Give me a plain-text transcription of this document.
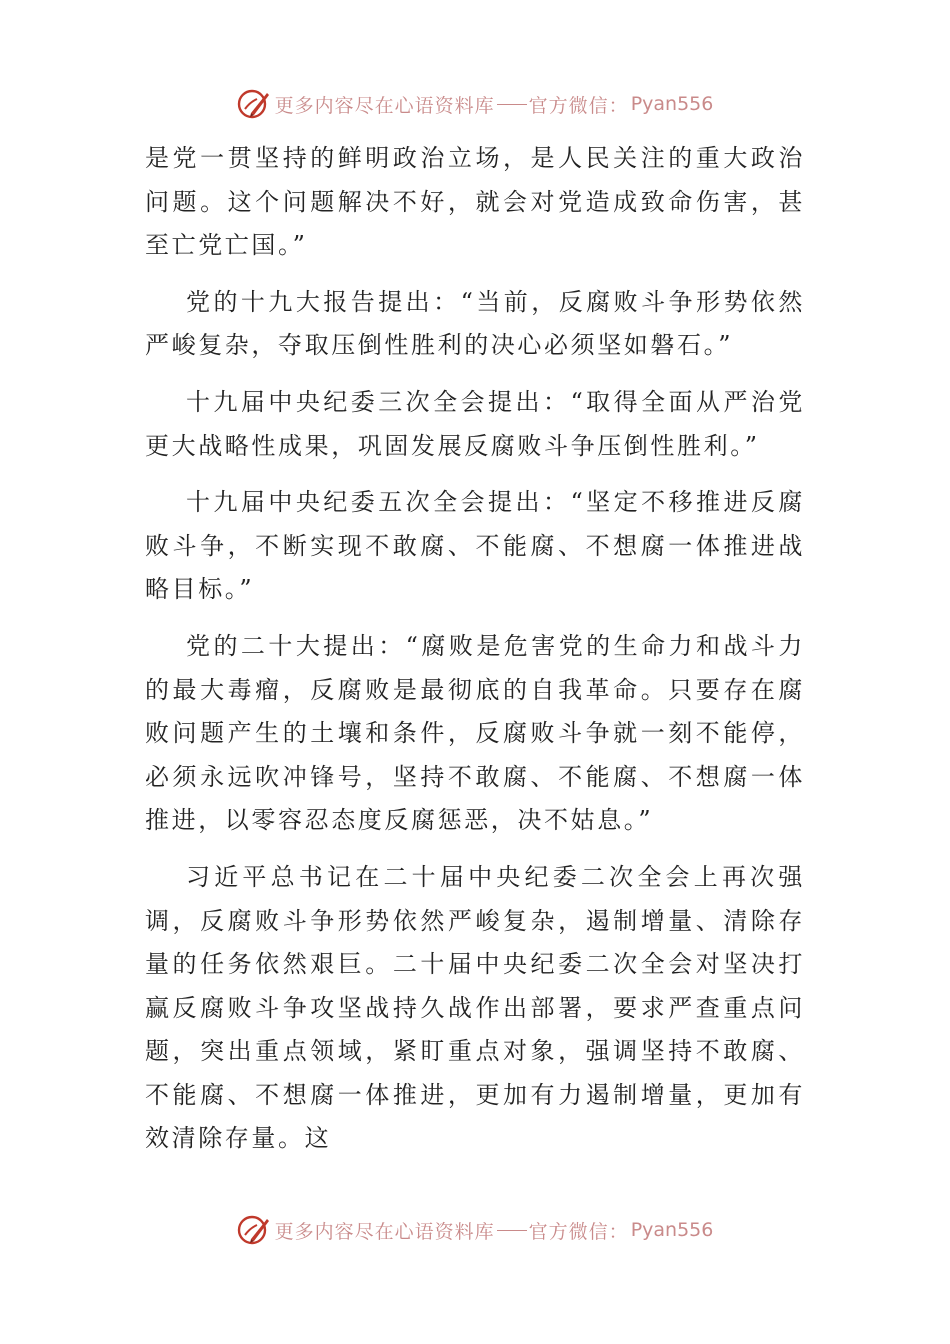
更多内容尽在心语资料库 官方微信： Pyan556

是党一贯坚持的鲜明政治立场，是人民关注的重大政治问题。这个问题解决不好，就会对党造成致命伤害，甚至亡党亡国。”

党的十九大报告提出：“当前，反腐败斗争形势依然严峻复杂，夺取压倒性胜利的决心必须坚如磐石。”

十九届中央纪委三次全会提出：“取得全面从严治党更大战略性成果，巩固发展反腐败斗争压倒性胜利。”

十九届中央纪委五次全会提出：“坚定不移推进反腐败斗争，不断实现不敢腐、不能腐、不想腐一体推进战略目标。”

党的二十大提出：“腐败是危害党的生命力和战斗力的最大毒瘤，反腐败是最彻底的自我革命。只要存在腐败问题产生的土壤和条件，反腐败斗争就一刻不能停，必须永远吹冲锋号，坚持不敢腐、不能腐、不想腐一体推进，以零容忍态度反腐惩恶，决不姑息。”

习近平总书记在二十届中央纪委二次全会上再次强调，反腐败斗争形势依然严峻复杂，遏制增量、清除存量的任务依然艰巨。二十届中央纪委二次全会对坚决打赢反腐败斗争攻坚战持久战作出部署，要求严查重点问题，突出重点领域，紧盯重点对象，强调坚持不敢腐、不能腐、不想腐一体推进，更加有力遏制增量，更加有效清除存量。这

更多内容尽在心语资料库 官方微信： Pyan556
